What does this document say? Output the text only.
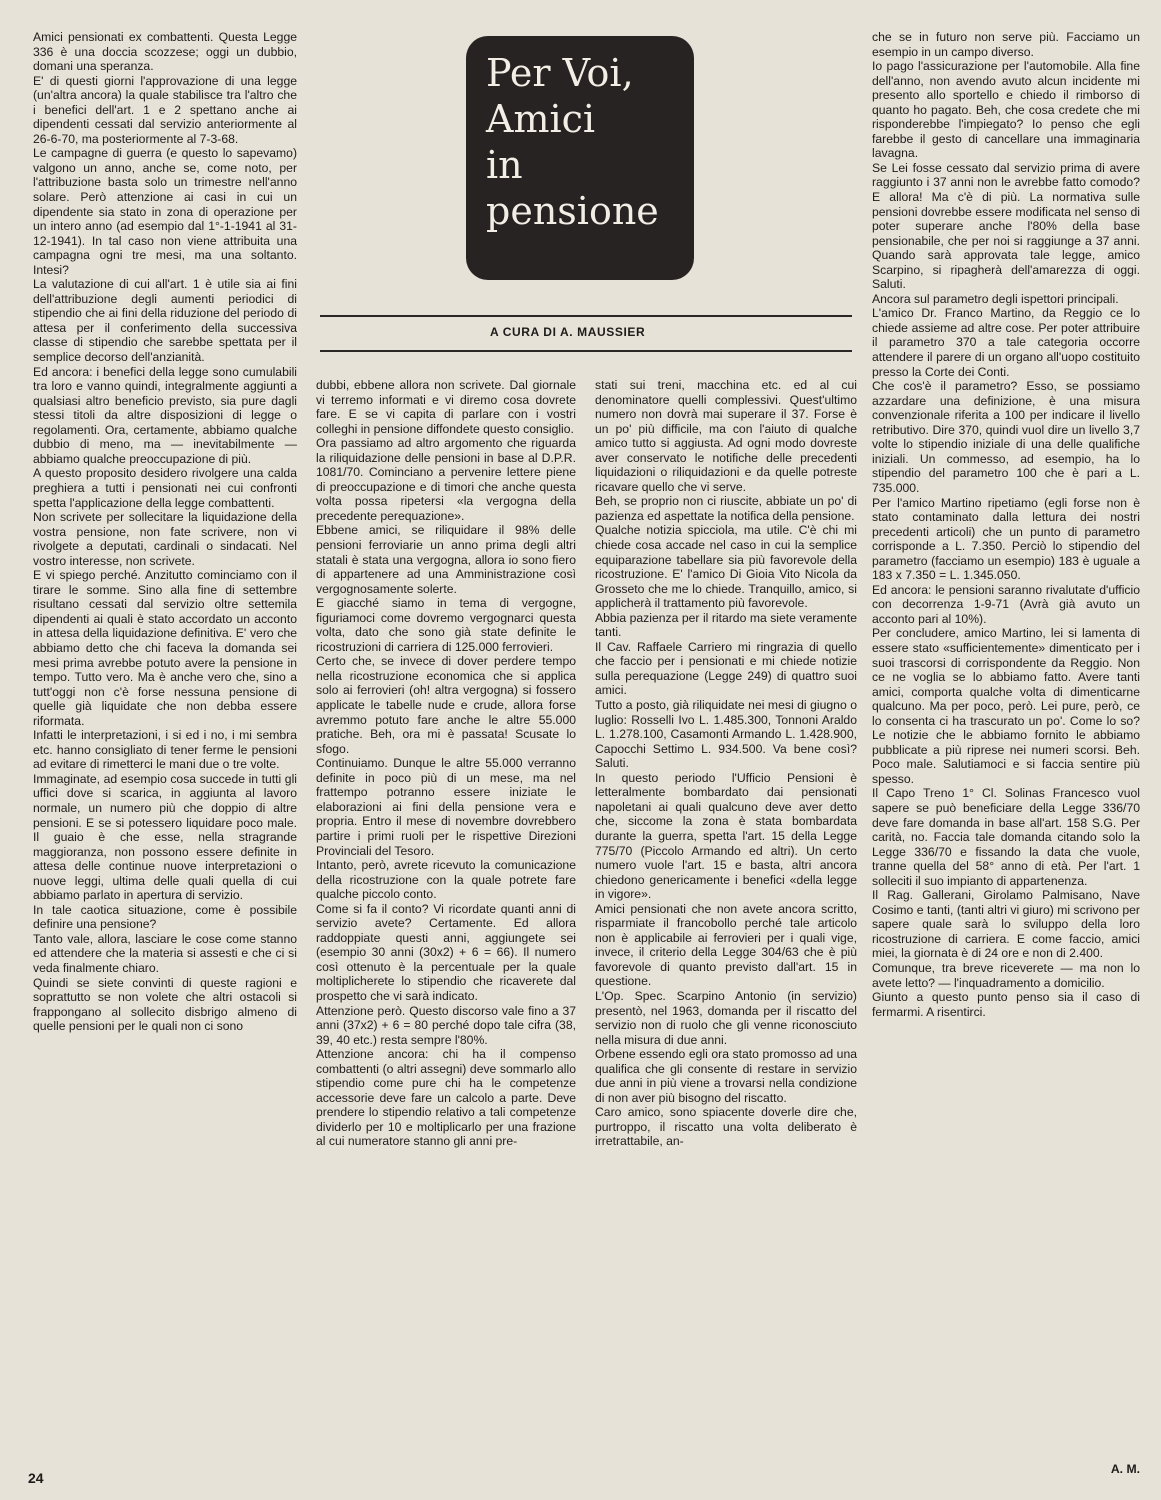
Per Voi,
Amici
in
pensione
A CURA DI A. MAUSSIER

Amici pensionati ex combattenti. Questa Legge 336 è una doccia scozzese; oggi un dubbio, domani una speranza.

E' di questi giorni l'approvazione di una legge (un'altra ancora) la quale stabilisce tra l'altro che i benefici dell'art. 1 e 2 spettano anche ai dipendenti cessati dal servizio anteriormente al 26-6-70, ma posteriormente al 7-3-68.

Le campagne di guerra (e questo lo sapevamo) valgono un anno, anche se, come noto, per l'attribuzione basta solo un trimestre nell'anno solare. Però attenzione ai casi in cui un dipendente sia stato in zona di operazione per un intero anno (ad esempio dal 1°-1-1941 al 31-12-1941). In tal caso non viene attribuita una campagna ogni tre mesi, ma una soltanto. Intesi?

La valutazione di cui all'art. 1 è utile sia ai fini dell'attribuzione degli aumenti periodici di stipendio che ai fini della riduzione del periodo di attesa per il conferimento della successiva classe di stipendio che sarebbe spettata per il semplice decorso dell'anzianità.

Ed ancora: i benefici della legge sono cumulabili tra loro e vanno quindi, integralmente aggiunti a qualsiasi altro beneficio previsto, sia pure dagli stessi titoli da altre disposizioni di legge o regolamenti. Ora, certamente, abbiamo qualche dubbio di meno, ma — inevitabilmente — abbiamo qualche preoccupazione di più.

A questo proposito desidero rivolgere una calda preghiera a tutti i pensionati nei cui confronti spetta l'applicazione della legge combattenti.

Non scrivete per sollecitare la liquidazione della vostra pensione, non fate scrivere, non vi rivolgete a deputati, cardinali o sindacati. Nel vostro interesse, non scrivete.

E vi spiego perché. Anzitutto cominciamo con il tirare le somme. Sino alla fine di settembre risultano cessati dal servizio oltre settemila dipendenti ai quali è stato accordato un acconto in attesa della liquidazione definitiva. E' vero che abbiamo detto che chi faceva la domanda sei mesi prima avrebbe potuto avere la pensione in tempo. Tutto vero. Ma è anche vero che, sino a tutt'oggi non c'è forse nessuna pensione di quelle già liquidate che non debba essere riformata.

Infatti le interpretazioni, i si ed i no, i mi sembra etc. hanno consigliato di tener ferme le pensioni ad evitare di rimetterci le mani due o tre volte.

Immaginate, ad esempio cosa succede in tutti gli uffici dove si scarica, in aggiunta al lavoro normale, un numero più che doppio di altre pensioni. E se si potessero liquidare poco male. Il guaio è che esse, nella stragrande maggioranza, non possono essere definite in attesa delle continue nuove interpretazioni o nuove leggi, ultima delle quali quella di cui abbiamo parlato in apertura di servizio.

In tale caotica situazione, come è possibile definire una pensione?

Tanto vale, allora, lasciare le cose come stanno ed attendere che la materia si assesti e che ci si veda finalmente chiaro.

Quindi se siete convinti di queste ragioni e soprattutto se non volete che altri ostacoli si frappongano al sollecito disbrigo almeno di quelle pensioni per le quali non ci sono

dubbi, ebbene allora non scrivete. Dal giornale vi terremo informati e vi diremo cosa dovrete fare. E se vi capita di parlare con i vostri colleghi in pensione diffondete questo consiglio.

Ora passiamo ad altro argomento che riguarda la riliquidazione delle pensioni in base al D.P.R. 1081/70. Cominciano a pervenire lettere piene di preoccupazione e di timori che anche questa volta possa ripetersi «la vergogna della precedente perequazione».

Ebbene amici, se riliquidare il 98% delle pensioni ferroviarie un anno prima degli altri statali è stata una vergogna, allora io sono fiero di appartenere ad una Amministrazione così vergognosamente solerte.

E giacché siamo in tema di vergogne, figuriamoci come dovremo vergognarci questa volta, dato che sono già state definite le ricostruzioni di carriera di 125.000 ferrovieri.

Certo che, se invece di dover perdere tempo nella ricostruzione economica che si applica solo ai ferrovieri (oh! altra vergogna) si fossero applicate le tabelle nude e crude, allora forse avremmo potuto fare anche le altre 55.000 pratiche. Beh, ora mi è passata! Scusate lo sfogo.

Continuiamo. Dunque le altre 55.000 verranno definite in poco più di un mese, ma nel frattempo potranno essere iniziate le elaborazioni ai fini della pensione vera e propria. Entro il mese di novembre dovrebbero partire i primi ruoli per le rispettive Direzioni Provinciali del Tesoro.

Intanto, però, avrete ricevuto la comunicazione della ricostruzione con la quale potrete fare qualche piccolo conto.

Come si fa il conto? Vi ricordate quanti anni di servizio avete? Certamente. Ed allora raddoppiate questi anni, aggiungete sei (esempio 30 anni (30x2) + 6 = 66). Il numero così ottenuto è la percentuale per la quale moltiplicherete lo stipendio che ricaverete dal prospetto che vi sarà indicato.

Attenzione però. Questo discorso vale fino a 37 anni (37x2) + 6 = 80 perché dopo tale cifra (38, 39, 40 etc.) resta sempre l'80%.

Attenzione ancora: chi ha il compenso combattenti (o altri assegni) deve sommarlo allo stipendio come pure chi ha le competenze accessorie deve fare un calcolo a parte. Deve prendere lo stipendio relativo a tali competenze dividerlo per 10 e moltiplicarlo per una frazione al cui numeratore stanno gli anni pre-

stati sui treni, macchina etc. ed al cui denominatore quelli complessivi. Quest'ultimo numero non dovrà mai superare il 37. Forse è un po' più difficile, ma con l'aiuto di qualche amico tutto si aggiusta. Ad ogni modo dovreste aver conservato le notifiche delle precedenti liquidazioni o riliquidazioni e da quelle potreste ricavare quello che vi serve.

Beh, se proprio non ci riuscite, abbiate un po' di pazienza ed aspettate la notifica della pensione.

Qualche notizia spicciola, ma utile. C'è chi mi chiede cosa accade nel caso in cui la semplice equiparazione tabellare sia più favorevole della ricostruzione. E' l'amico Di Gioia Vito Nicola da Grosseto che me lo chiede. Tranquillo, amico, si applicherà il trattamento più favorevole.

Abbia pazienza per il ritardo ma siete veramente tanti.

Il Cav. Raffaele Carriero mi ringrazia di quello che faccio per i pensionati e mi chiede notizie sulla perequazione (Legge 249) di quattro suoi amici.

Tutto a posto, già riliquidate nei mesi di giugno o luglio: Rosselli Ivo L. 1.485.300, Tonnoni Araldo L. 1.278.100, Casamonti Armando L. 1.428.900, Capocchi Settimo L. 934.500. Va bene così? Saluti.

In questo periodo l'Ufficio Pensioni è letteralmente bombardato dai pensionati napoletani ai quali qualcuno deve aver detto che, siccome la zona è stata bombardata durante la guerra, spetta l'art. 15 della Legge 775/70 (Piccolo Armando ed altri). Un certo numero vuole l'art. 15 e basta, altri ancora chiedono genericamente i benefici «della legge in vigore».

Amici pensionati che non avete ancora scritto, risparmiate il francobollo perché tale articolo non è applicabile ai ferrovieri per i quali vige, invece, il criterio della Legge 304/63 che è più favorevole di quanto previsto dall'art. 15 in questione.

L'Op. Spec. Scarpino Antonio (in servizio) presentò, nel 1963, domanda per il riscatto del servizio non di ruolo che gli venne riconosciuto nella misura di due anni.

Orbene essendo egli ora stato promosso ad una qualifica che gli consente di restare in servizio due anni in più viene a trovarsi nella condizione di non aver più bisogno del riscatto.

Caro amico, sono spiacente doverle dire che, purtroppo, il riscatto una volta deliberato è irretrattabile, an-

che se in futuro non serve più. Facciamo un esempio in un campo diverso.

Io pago l'assicurazione per l'automobile. Alla fine dell'anno, non avendo avuto alcun incidente mi presento allo sportello e chiedo il rimborso di quanto ho pagato. Beh, che cosa credete che mi risponderebbe l'impiegato? Io penso che egli farebbe il gesto di cancellare una immaginaria lavagna.

Se Lei fosse cessato dal servizio prima di avere raggiunto i 37 anni non le avrebbe fatto comodo? E allora! Ma c'è di più. La normativa sulle pensioni dovrebbe essere modificata nel senso di poter superare anche l'80% della base pensionabile, che per noi si raggiunge a 37 anni. Quando sarà approvata tale legge, amico Scarpino, si ripagherà dell'amarezza di oggi. Saluti.

Ancora sul parametro degli ispettori principali.

L'amico Dr. Franco Martino, da Reggio ce lo chiede assieme ad altre cose. Per poter attribuire il parametro 370 a tale categoria occorre attendere il parere di un organo all'uopo costituito presso la Corte dei Conti.

Che cos'è il parametro? Esso, se possiamo azzardare una definizione, è una misura convenzionale riferita a 100 per indicare il livello retributivo. Dire 370, quindi vuol dire un livello 3,7 volte lo stipendio iniziale di una delle qualifiche iniziali. Un commesso, ad esempio, ha lo stipendio del parametro 100 che è pari a L. 735.000.

Per l'amico Martino ripetiamo (egli forse non è stato contaminato dalla lettura dei nostri precedenti articoli) che un punto di parametro corrisponde a L. 7.350. Perciò lo stipendio del parametro (facciamo un esempio) 183 è uguale a 183 x 7.350 = L. 1.345.050.

Ed ancora: le pensioni saranno rivalutate d'ufficio con decorrenza 1-9-71 (Avrà già avuto un acconto pari al 10%).

Per concludere, amico Martino, lei si lamenta di essere stato «sufficientemente» dimenticato per i suoi trascorsi di corrispondente da Reggio. Non ce ne voglia se lo abbiamo fatto. Avere tanti amici, comporta qualche volta di dimenticarne qualcuno. Ma per poco, però. Lei pure, però, ce lo consenta ci ha trascurato un po'. Come lo so? Le notizie che le abbiamo fornito le abbiamo pubblicate a più riprese nei numeri scorsi. Beh. Poco male. Salutiamoci e si faccia sentire più spesso.

Il Capo Treno 1° Cl. Solinas Francesco vuol sapere se può beneficiare della Legge 336/70 deve fare domanda in base all'art. 158 S.G. Per carità, no. Faccia tale domanda citando solo la Legge 336/70 e fissando la data che vuole, tranne quella del 58° anno di età. Per l'art. 1 solleciti il suo impianto di appartenenza.

Il Rag. Gallerani, Girolamo Palmisano, Nave Cosimo e tanti, (tanti altri vi giuro) mi scrivono per sapere quale sarà lo sviluppo della loro ricostruzione di carriera. E come faccio, amici miei, la giornata è di 24 ore e non di 2.400.

Comunque, tra breve riceverete — ma non lo avete letto? — l'inquadramento a domicilio.

Giunto a questo punto penso sia il caso di fermarmi. A risentirci.

A. M.
24
